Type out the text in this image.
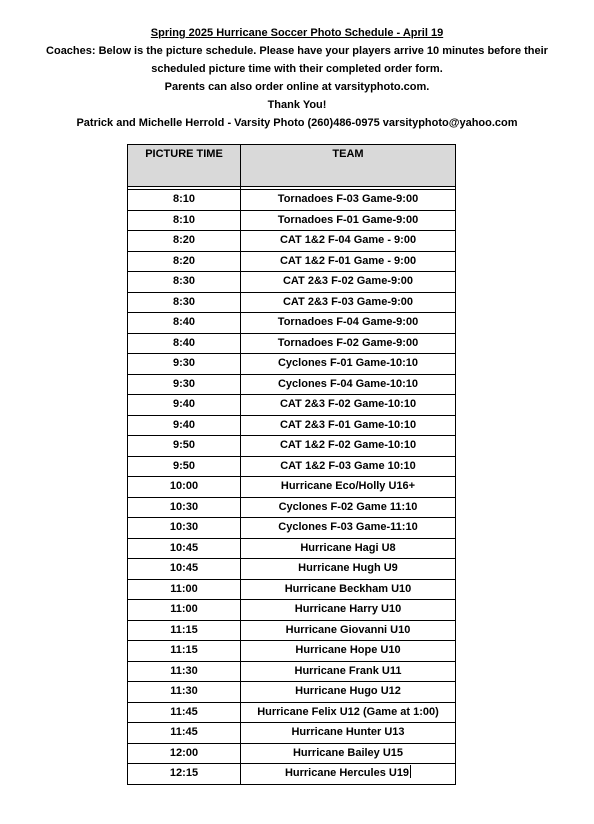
Spring 2025 Hurricane Soccer Photo Schedule - April 19
Coaches: Below is the picture schedule. Please have your players arrive 10 minutes before their
scheduled picture time with their completed order form.
Parents can also order online at varsityphoto.com.
Thank You!
Patrick and Michelle Herrold - Varsity Photo (260)486-0975 varsityphoto@yahoo.com
PICTURE TIME	TEAM

8:10	Tornadoes F-03 Game-9:00
8:10	Tornadoes F-01 Game-9:00
8:20	CAT 1&2 F-04 Game - 9:00
8:20	CAT 1&2 F-01 Game - 9:00
8:30	CAT 2&3 F-02 Game-9:00
8:30	CAT 2&3 F-03 Game-9:00
8:40	Tornadoes F-04 Game-9:00
8:40	Tornadoes F-02 Game-9:00
9:30	Cyclones F-01 Game-10:10
9:30	Cyclones F-04 Game-10:10
9:40	CAT 2&3 F-02 Game-10:10
9:40	CAT 2&3 F-01 Game-10:10
9:50	CAT 1&2 F-02 Game-10:10
9:50	CAT 1&2 F-03 Game 10:10
10:00	Hurricane Eco/Holly U16+
10:30	Cyclones F-02 Game 11:10
10:30	Cyclones F-03 Game-11:10
10:45	Hurricane Hagi U8
10:45	Hurricane Hugh U9
11:00	Hurricane Beckham U10
11:00	Hurricane Harry U10
11:15	Hurricane Giovanni U10
11:15	Hurricane Hope U10
11:30	Hurricane Frank U11
11:30	Hurricane Hugo U12
11:45	Hurricane Felix U12 (Game at 1:00)
11:45	Hurricane Hunter U13
12:00	Hurricane Bailey U15
12:15	Hurricane Hercules U19
